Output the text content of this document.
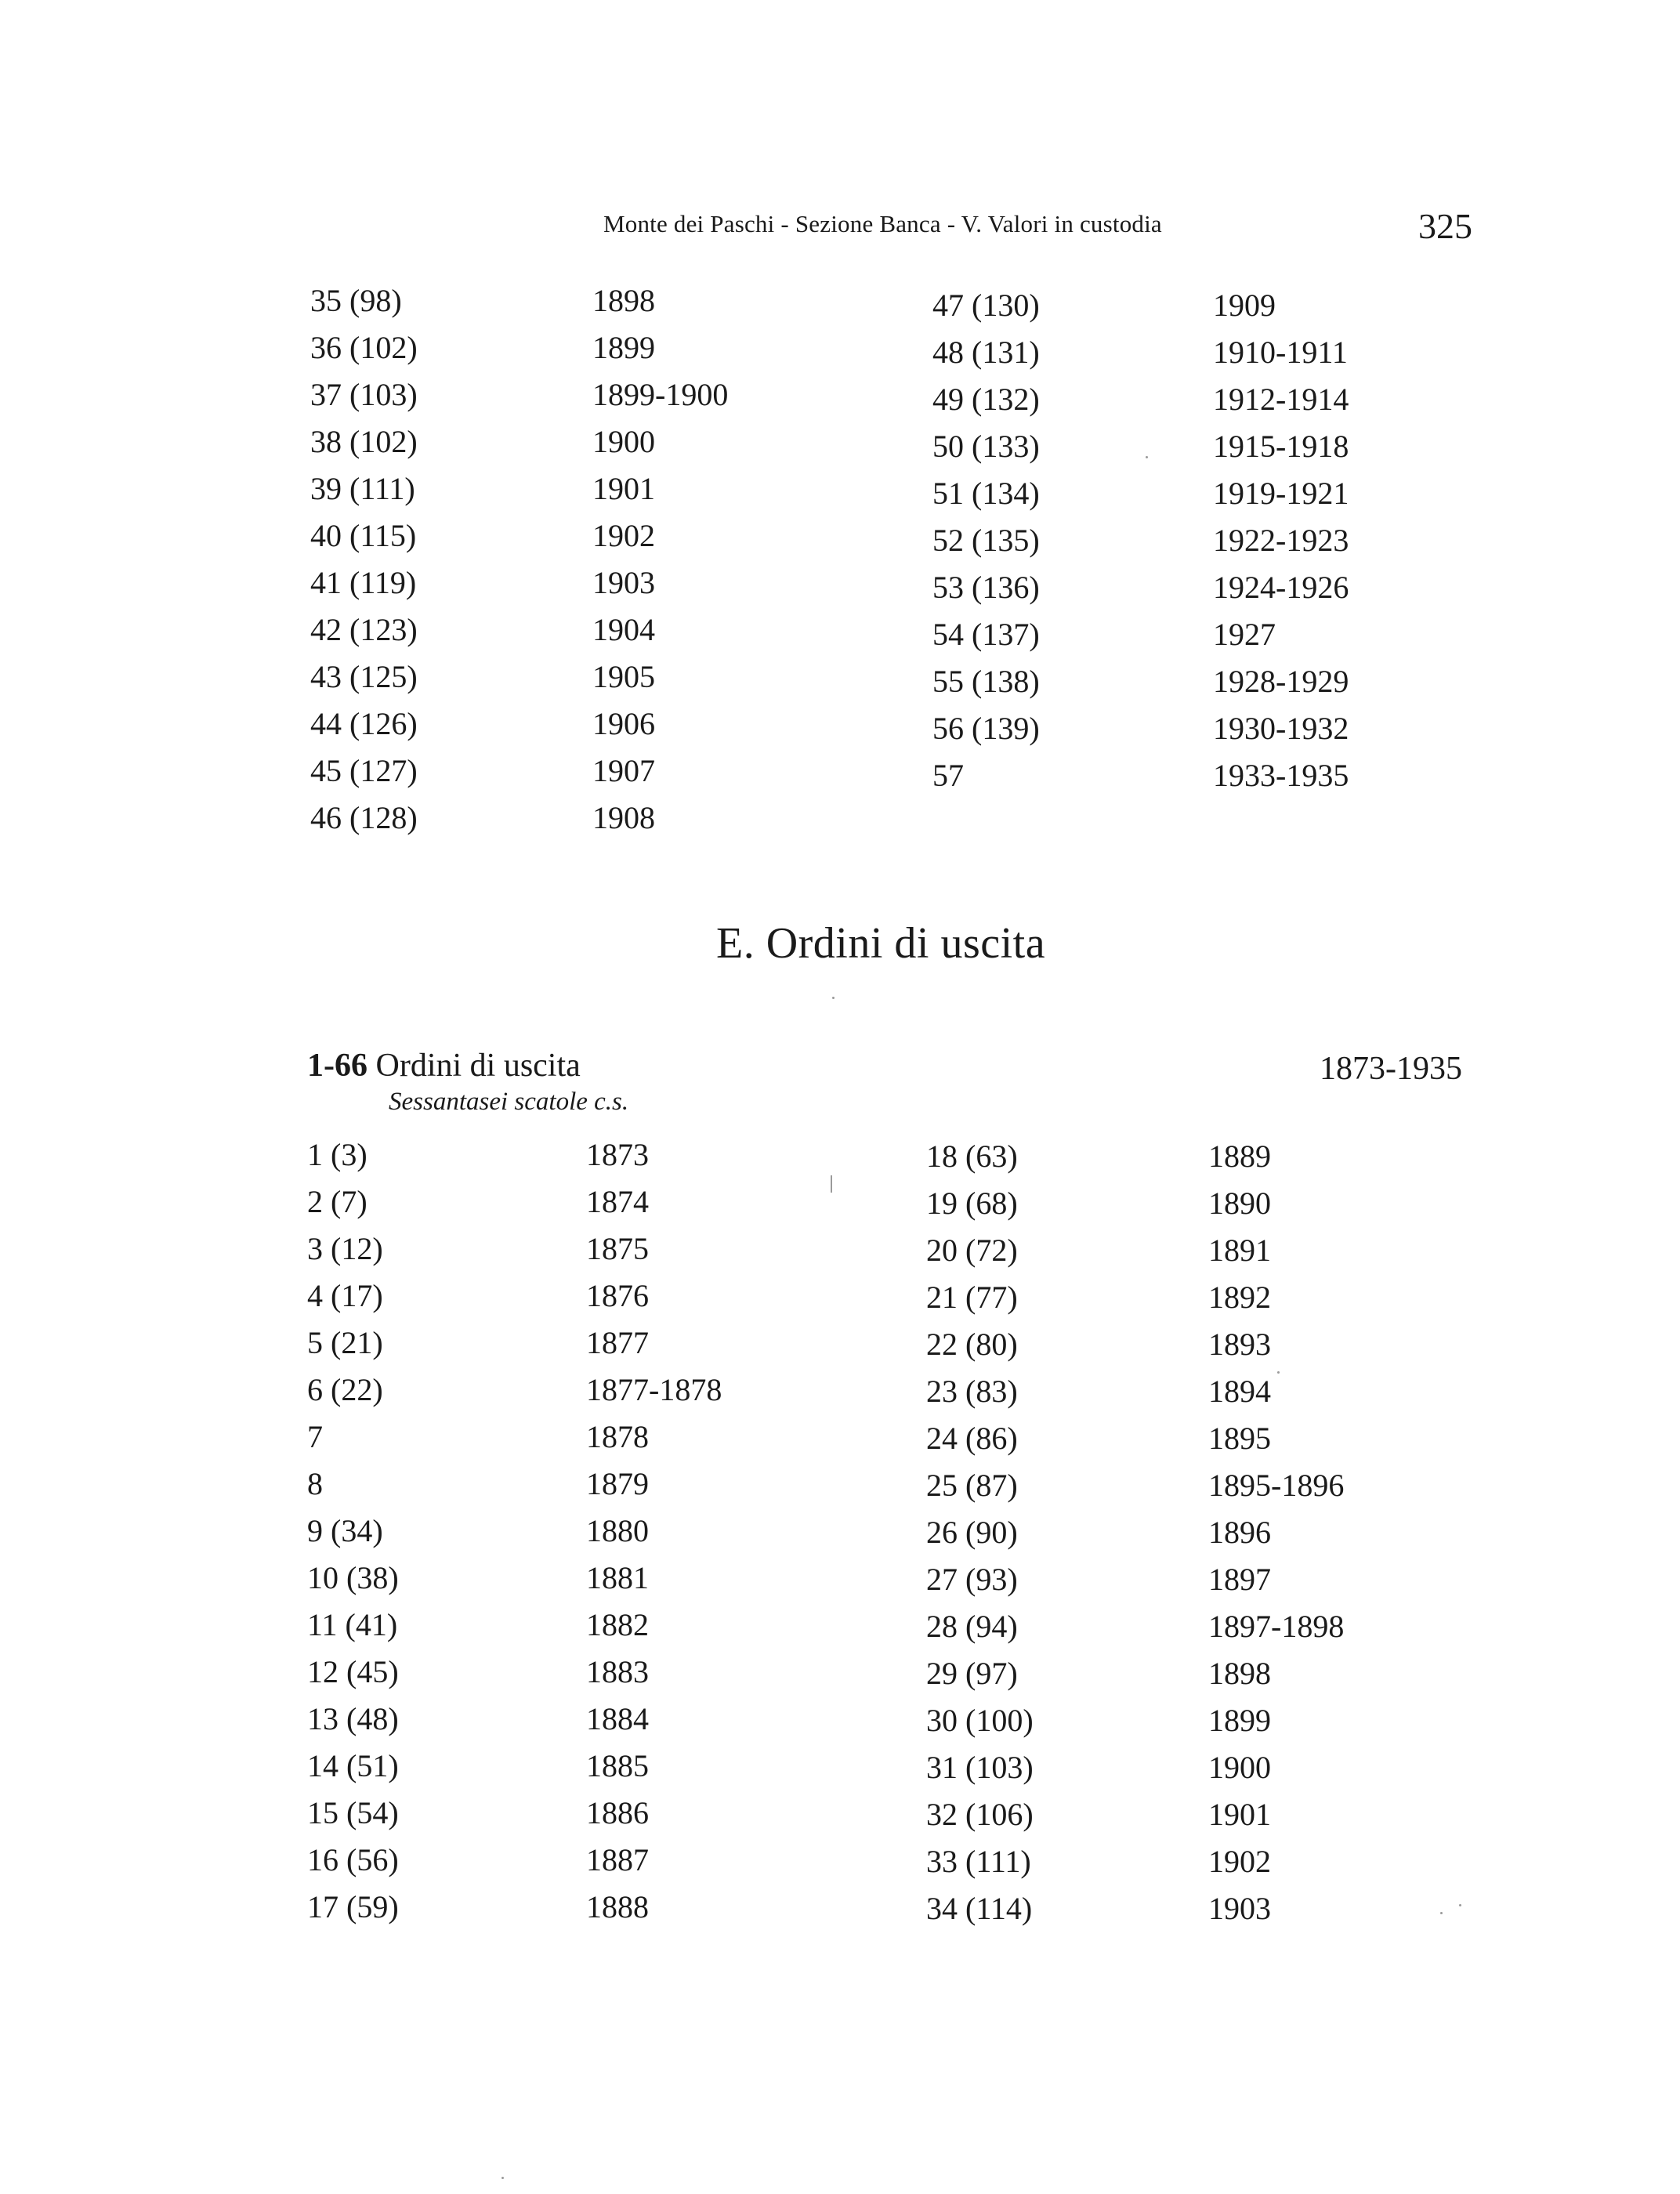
Monte dei Paschi - Sezione Banca - V. Valori in custodia	325
35 (98)	1898
36 (102)	1899
37 (103)	1899-1900
38 (102)	1900
39 (111)	1901
40 (115)	1902
41 (119)	1903
42 (123)	1904
43 (125)	1905
44 (126)	1906
45 (127)	1907
46 (128)	1908
47 (130)	1909
48 (131)	1910-1911
49 (132)	1912-1914
50 (133)	1915-1918
51 (134)	1919-1921
52 (135)	1922-1923
53 (136)	1924-1926
54 (137)	1927
55 (138)	1928-1929
56 (139)	1930-1932
57	1933-1935
E. Ordini di uscita
1-66 Ordini di uscita	1873-1935
Sessantasei scatole c.s.
1 (3)	1873
2 (7)	1874
3 (12)	1875
4 (17)	1876
5 (21)	1877
6 (22)	1877-1878
7	1878
8	1879
9 (34)	1880
10 (38)	1881
11 (41)	1882
12 (45)	1883
13 (48)	1884
14 (51)	1885
15 (54)	1886
16 (56)	1887
17 (59)	1888
18 (63)	1889
19 (68)	1890
20 (72)	1891
21 (77)	1892
22 (80)	1893
23 (83)	1894
24 (86)	1895
25 (87)	1895-1896
26 (90)	1896
27 (93)	1897
28 (94)	1897-1898
29 (97)	1898
30 (100)	1899
31 (103)	1900
32 (106)	1901
33 (111)	1902
34 (114)	1903
